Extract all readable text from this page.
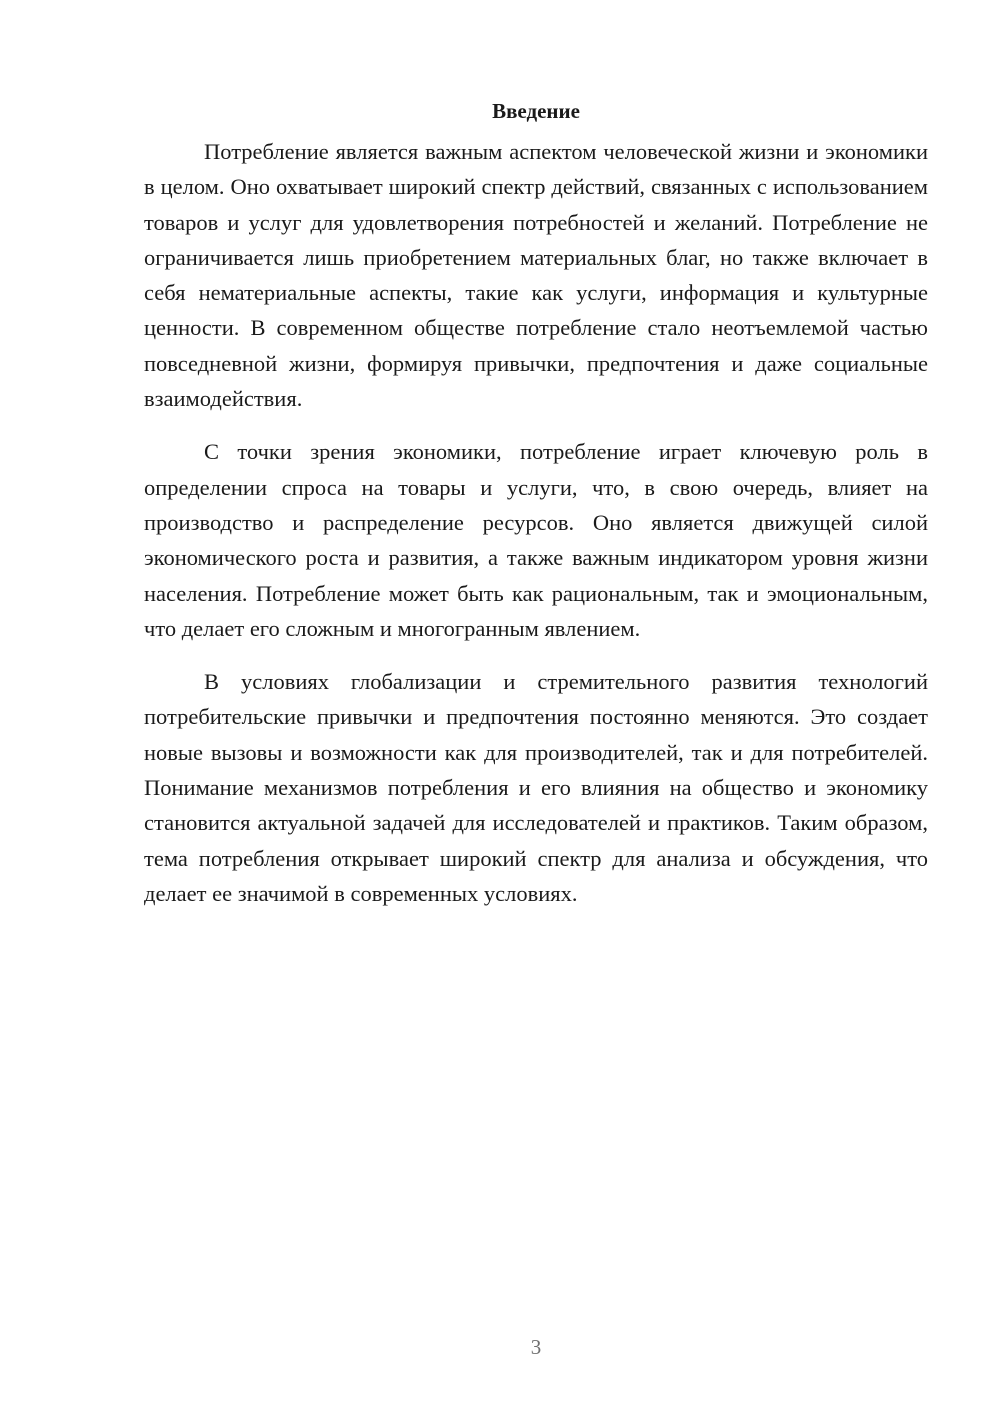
Введение

Потребление является важным аспектом человеческой жизни и экономики в целом. Оно охватывает широкий спектр действий, связанных с использованием товаров и услуг для удовлетворения потребностей и желаний. Потребление не ограничивается лишь приобретением материальных благ, но также включает в себя нематериальные аспекты, такие как услуги, информация и культурные ценности. В современном обществе потребление стало неотъемлемой частью повседневной жизни, формируя привычки, предпочтения и даже социальные взаимодействия.

С точки зрения экономики, потребление играет ключевую роль в определении спроса на товары и услуги, что, в свою очередь, влияет на производство и распределение ресурсов. Оно является движущей силой экономического роста и развития, а также важным индикатором уровня жизни населения. Потребление может быть как рациональным, так и эмоциональным, что делает его сложным и многогранным явлением.

В условиях глобализации и стремительного развития технологий потребительские привычки и предпочтения постоянно меняются. Это создает новые вызовы и возможности как для производителей, так и для потребителей. Понимание механизмов потребления и его влияния на общество и экономику становится актуальной задачей для исследователей и практиков. Таким образом, тема потребления открывает широкий спектр для анализа и обсуждения, что делает ее значимой в современных условиях.

3
